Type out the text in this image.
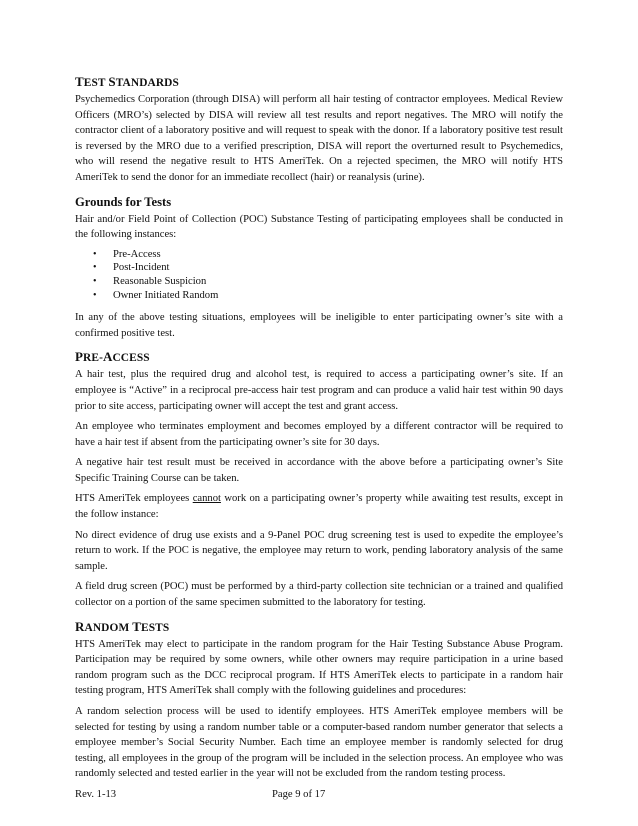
TEST STANDARDS

Psychemedics Corporation (through DISA) will perform all hair testing of contractor employees. Medical Review Officers (MRO’s) selected by DISA will review all test results and report negatives. The MRO will notify the contractor client of a laboratory positive and will request to speak with the donor. If a laboratory positive test result is reversed by the MRO due to a verified prescription, DISA will report the overturned result to Psychemedics, who will resend the negative result to HTS AmeriTek. On a rejected specimen, the MRO will notify HTS AmeriTek to send the donor for an immediate recollect (hair) or reanalysis (urine).

Grounds for Tests

Hair and/or Field Point of Collection (POC) Substance Testing of participating employees shall be conducted in the following instances:

• Pre-Access
• Post-Incident
• Reasonable Suspicion
• Owner Initiated Random

In any of the above testing situations, employees will be ineligible to enter participating owner’s site with a confirmed positive test.

PRE-ACCESS

A hair test, plus the required drug and alcohol test, is required to access a participating owner’s site. If an employee is “Active” in a reciprocal pre-access hair test program and can produce a valid hair test within 90 days prior to site access, participating owner will accept the test and grant access.

An employee who terminates employment and becomes employed by a different contractor will be required to have a hair test if absent from the participating owner’s site for 30 days.

A negative hair test result must be received in accordance with the above before a participating owner’s Site Specific Training Course can be taken.

HTS AmeriTek employees cannot work on a participating owner’s property while awaiting test results, except in the follow instance:

No direct evidence of drug use exists and a 9-Panel POC drug screening test is used to expedite the employee’s return to work. If the POC is negative, the employee may return to work, pending laboratory analysis of the same sample.

A field drug screen (POC) must be performed by a third-party collection site technician or a trained and qualified collector on a portion of the same specimen submitted to the laboratory for testing.

RANDOM TESTS

HTS AmeriTek may elect to participate in the random program for the Hair Testing Substance Abuse Program. Participation may be required by some owners, while other owners may require participation in a urine based random program such as the DCC reciprocal program. If HTS AmeriTek elects to participate in a random hair testing program, HTS AmeriTek shall comply with the following guidelines and procedures:

A random selection process will be used to identify employees. HTS AmeriTek employee members will be selected for testing by using a random number table or a computer-based random number generator that selects a employee member’s Social Security Number. Each time an employee member is randomly selected for drug testing, all employees in the group of the program will be included in the selection process. An employee who was randomly selected and tested earlier in the year will not be excluded from the random testing process.

Rev. 1-13	Page 9 of 17
